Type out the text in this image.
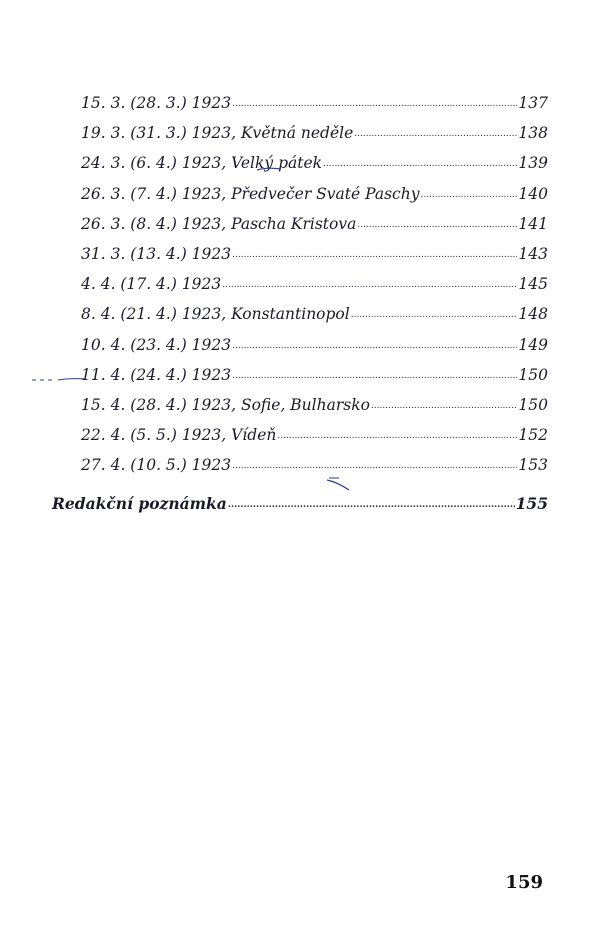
15. 3. (28. 3.) 1923 .....	137
19. 3. (31. 3.) 1923, Květná neděle .....	138
24. 3. (6. 4.) 1923, Velký pátek .....	139
26. 3. (7. 4.) 1923, Předvečer Svaté Paschy .....	140
26. 3. (8. 4.) 1923, Pascha Kristova .....	141
31. 3. (13. 4.) 1923 .....	143
4. 4. (17. 4.) 1923 .....	145
8. 4. (21. 4.) 1923, Konstantinopol .....	148
10. 4. (23. 4.) 1923 .....	149
11. 4. (24. 4.) 1923 .....	150
15. 4. (28. 4.) 1923, Sofie, Bulharsko .....	150
22. 4. (5. 5.) 1923, Vídeň .....	152
27. 4. (10. 5.) 1923 .....	153
Redakční poznámka .....	155
159
